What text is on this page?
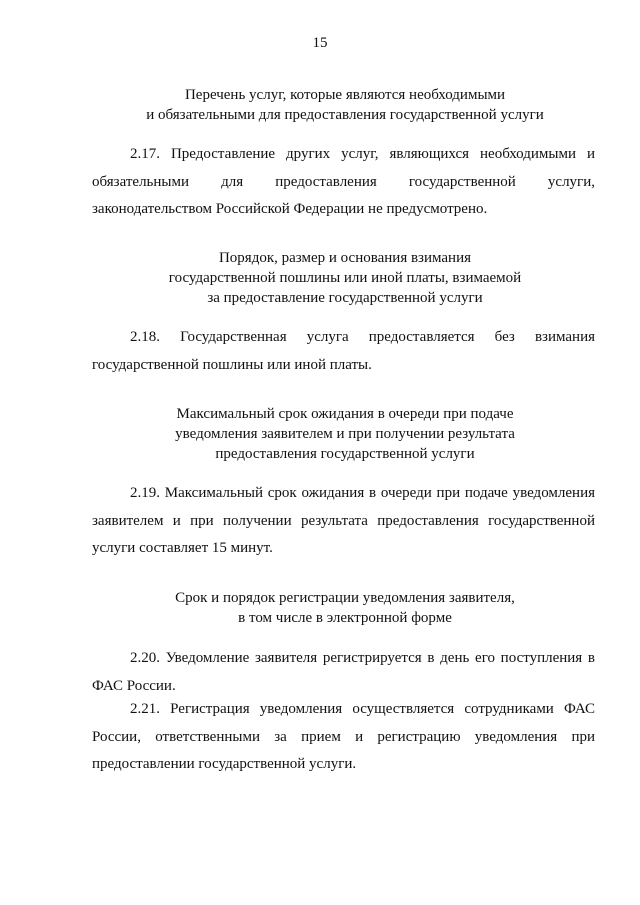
15
Перечень услуг, которые являются необходимыми
и обязательными для предоставления государственной услуги

2.17. Предоставление других услуг, являющихся необходимыми и обязательными для предоставления государственной услуги, законодательством Российской Федерации не предусмотрено.

Порядок, размер и основания взимания
государственной пошлины или иной платы, взимаемой
за предоставление государственной услуги

2.18. Государственная услуга предоставляется без взимания государственной пошлины или иной платы.

Максимальный срок ожидания в очереди при подаче
уведомления заявителем и при получении результата
предоставления государственной услуги

2.19. Максимальный срок ожидания в очереди при подаче уведомления заявителем и при получении результата предоставления государственной услуги составляет 15 минут.

Срок и порядок регистрации уведомления заявителя,
в том числе в электронной форме

2.20. Уведомление заявителя регистрируется в день его поступления в ФАС России.

2.21. Регистрация уведомления осуществляется сотрудниками ФАС России, ответственными за прием и регистрацию уведомления при предоставлении государственной услуги.
